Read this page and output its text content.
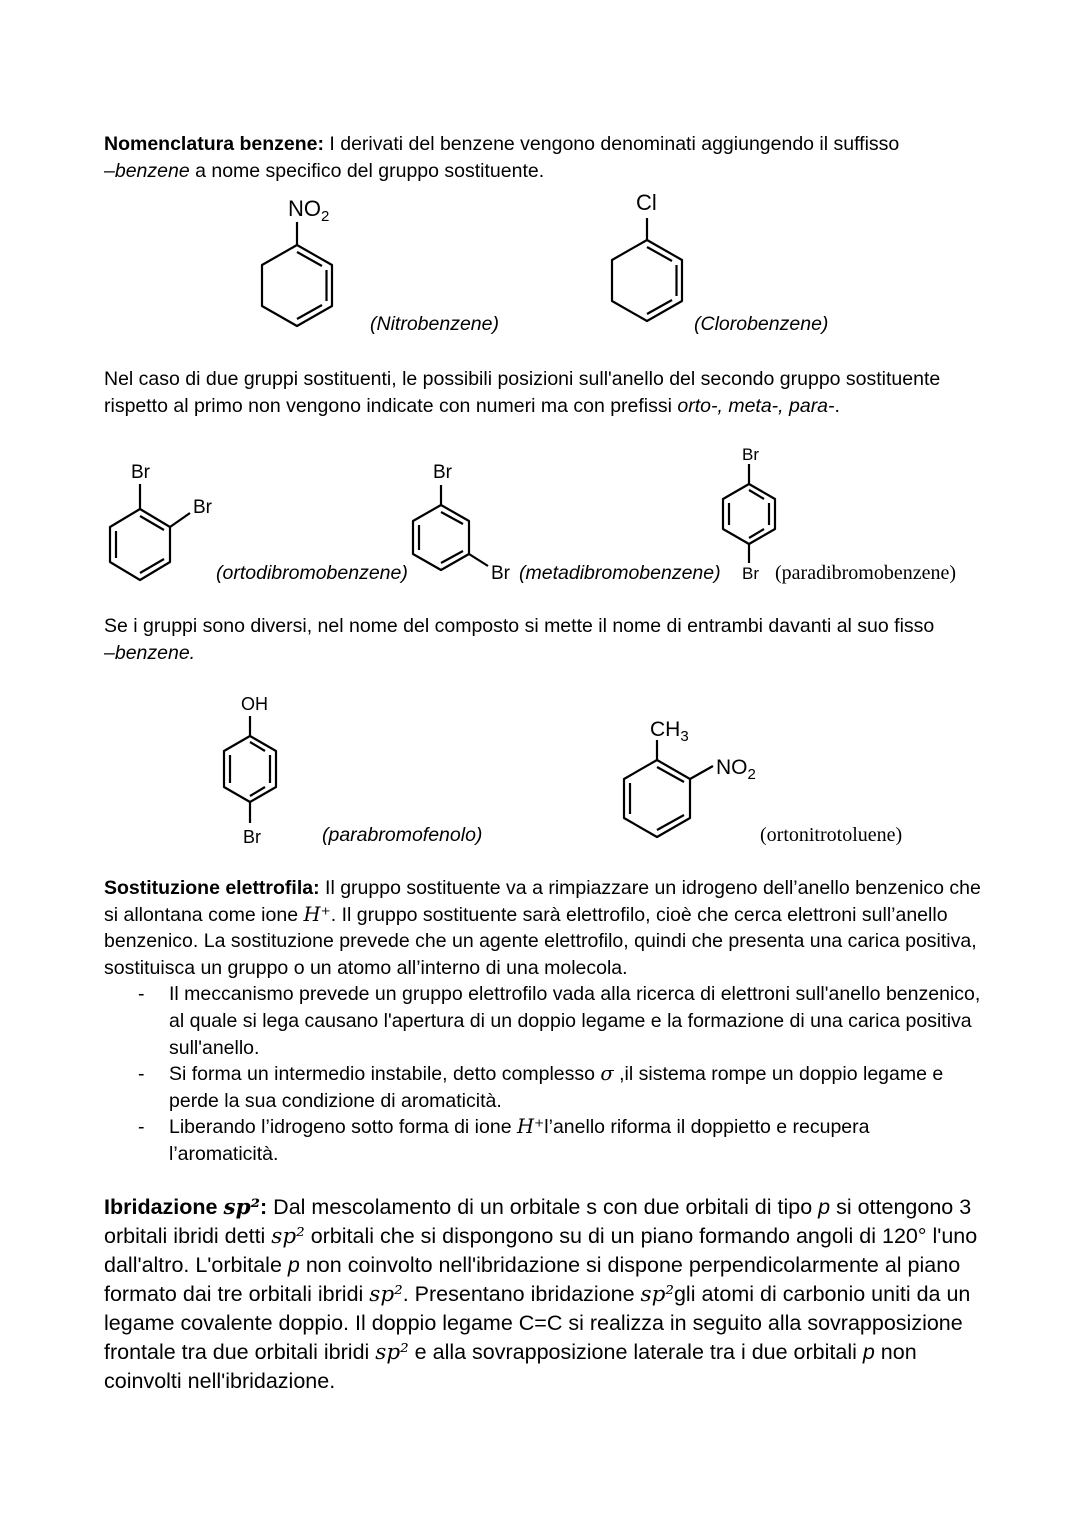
$NO_2$
Cl
Br
Br
Br
Br
Br
Br
OH
Br
$CH_3$
$NO_2$
Nomenclatura benzene: I derivati del benzene vengono denominati aggiungendo il suffisso
–benzene a nome specifico del gruppo sostituente.
(Nitrobenzene)	(Clorobenzene)
Nel caso di due gruppi sostituenti, le possibili posizioni sull'anello del secondo gruppo sostituente rispetto al primo non vengono indicate con numeri ma con prefissi orto-, meta-, para-.
(ortodibromobenzene)	(metadibromobenzene)	(paradibromobenzene)
Se i gruppi sono diversi, nel nome del composto si mette il nome di entrambi davanti al suo fisso
–benzene.
(parabromofenolo)	(ortonitrotoluene)
Sostituzione elettrofila: Il gruppo sostituente va a rimpiazzare un idrogeno dell’anello benzenico che si allontana come ione H⁺. Il gruppo sostituente sarà elettrofilo, cioè che cerca elettroni sull’anello benzenico. La sostituzione prevede che un agente elettrofilo, quindi che presenta una carica positiva, sostituisca un gruppo o un atomo all’interno di una molecola.
- Il meccanismo prevede un gruppo elettrofilo vada alla ricerca di elettroni sull'anello benzenico, al quale si lega causano l'apertura di un doppio legame e la formazione di una carica positiva sull'anello.
- Si forma un intermedio instabile, detto complesso σ ,il sistema rompe un doppio legame e perde la sua condizione di aromaticità.
- Liberando l’idrogeno sotto forma di ione H⁺l’anello riforma il doppietto e recupera l’aromaticità.
Ibridazione sp²: Dal mescolamento di un orbitale s con due orbitali di tipo p si ottengono 3 orbitali ibridi detti sp² orbitali che si dispongono su di un piano formando angoli di 120° l'uno dall'altro. L'orbitale p non coinvolto nell'ibridazione si dispone perpendicolarmente al piano formato dai tre orbitali ibridi sp². Presentano ibridazione sp²gli atomi di carbonio uniti da un legame covalente doppio. Il doppio legame C=C si realizza in seguito alla sovrapposizione frontale tra due orbitali ibridi sp² e alla sovrapposizione laterale tra i due orbitali p non coinvolti nell'ibridazione.
